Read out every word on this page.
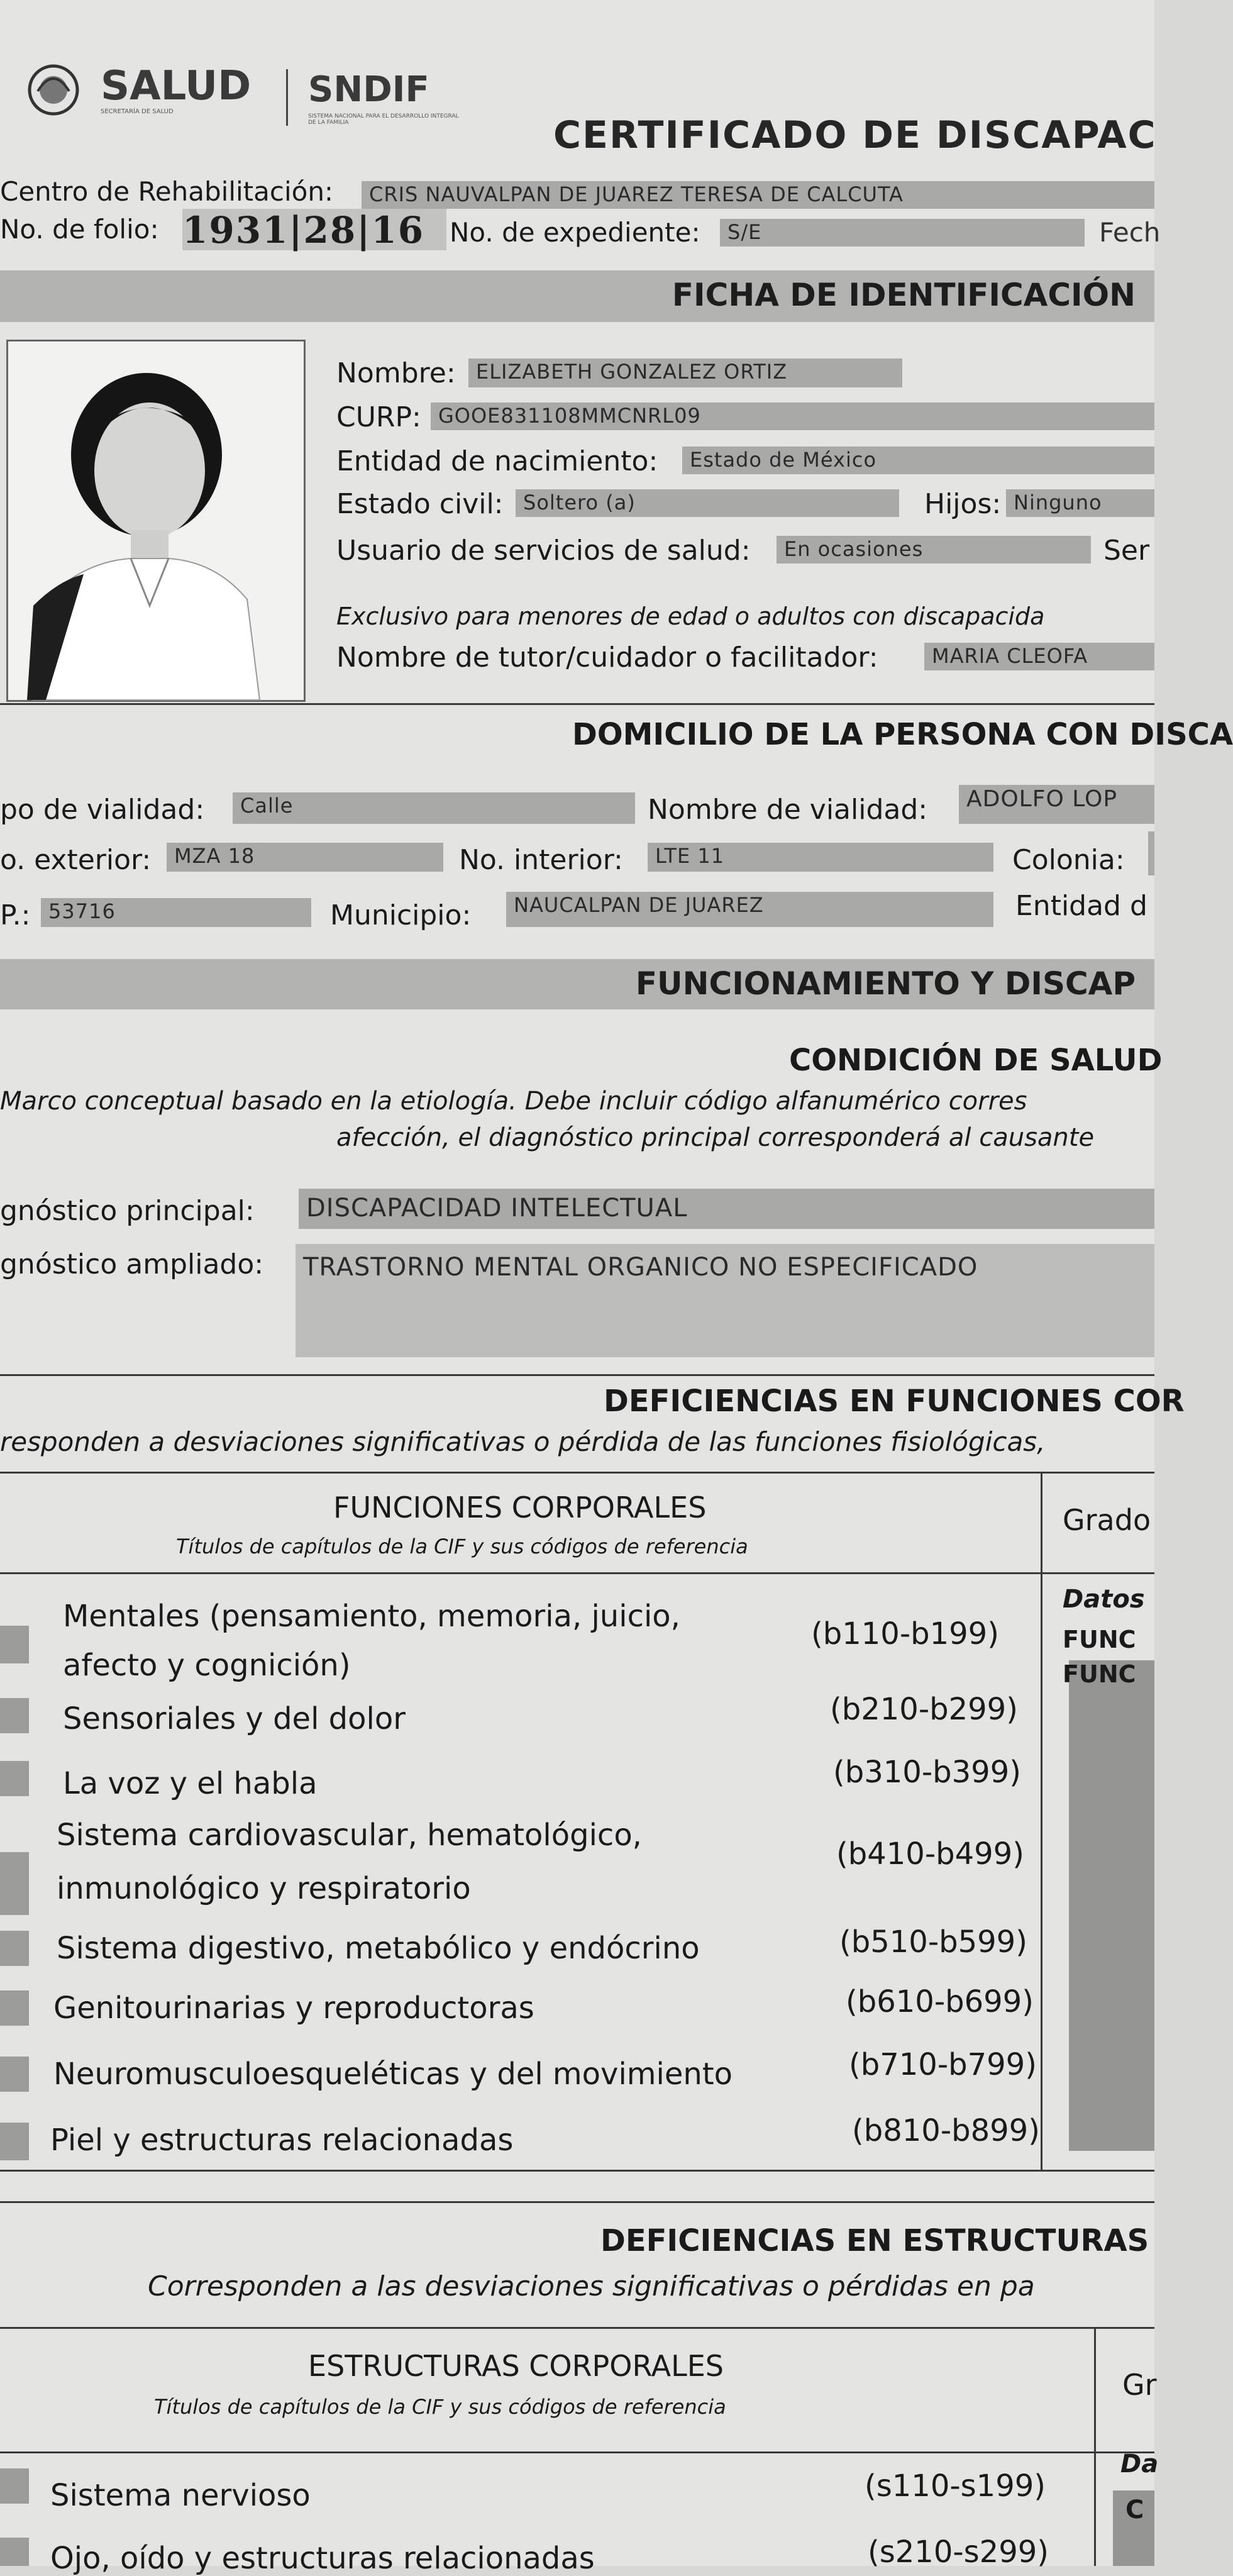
SALUD
SECRETARÍA DE SALUD
SNDIF
SISTEMA NACIONAL PARA EL DESARROLLO INTEGRAL DE LA FAMILIA	CERTIFICADO DE DISCAPAC
Centro de Rehabilitación:	CRIS NAUVALPAN DE JUAREZ TERESA DE CALCUTA
No. de folio: 1931|28|16 No. de expediente:	S/E	Fech
FICHA DE IDENTIFICACIÓN
Nombre:	ELIZABETH GONZALEZ ORTIZ
CURP: GOOE831108MMCNRL09
Entidad de nacimiento:	Estado de México
Estado civil: Soltero (a)	Hijos: Ninguno
Usuario de servicios de salud:	En ocasiones	Ser
Exclusivo para menores de edad o adultos con discapacida
Nombre de tutor/cuidador o facilitador:	MARIA CLEOFA
DOMICILIO DE LA PERSONA CON DISCA
po de vialidad:	Calle	Nombre de vialidad:	ADOLFO LOP
o. exterior:	MZA 18	No. interior:	LTE 11	Colonia:
P.: 53716	Municipio:	NAUCALPAN DE JUAREZ	Entidad d
FUNCIONAMIENTO Y DISCAP
CONDICIÓN DE SALUD
Marco conceptual basado en la etiología. Debe incluir código alfanumérico corres
afección, el diagnóstico principal corresponderá al causante
gnóstico principal:	DISCAPACIDAD INTELECTUAL
gnóstico ampliado:	TRASTORNO MENTAL ORGANICO NO ESPECIFICADO
DEFICIENCIAS EN FUNCIONES COR
responden a desviaciones significativas o pérdida de las funciones fisiológicas,
FUNCIONES CORPORALES
Títulos de capítulos de la CIF y sus códigos de referencia
Grado
Datos
FUNC
FUNC
Mentales (pensamiento, memoria, juicio,
afecto y cognición)
(b110-b199)
Sensoriales y del dolor	(b210-b299)
La voz y el habla	(b310-b399)
Sistema cardiovascular, hematológico,
inmunológico y respiratorio
(b410-b499)
Sistema digestivo, metabólico y endócrino	(b510-b599)
Genitourinarias y reproductoras	(b610-b699)
Neuromusculoesqueléticas y del movimiento	(b710-b799)
Piel y estructuras relacionadas	(b810-b899)
DEFICIENCIAS EN ESTRUCTURAS
Corresponden a las desviaciones significativas o pérdidas en pa
ESTRUCTURAS CORPORALES
Títulos de capítulos de la CIF y sus códigos de referencia
Gr
Da
C
Sistema nervioso	(s110-s199)
Ojo, oído y estructuras relacionadas	(s210-s299)
